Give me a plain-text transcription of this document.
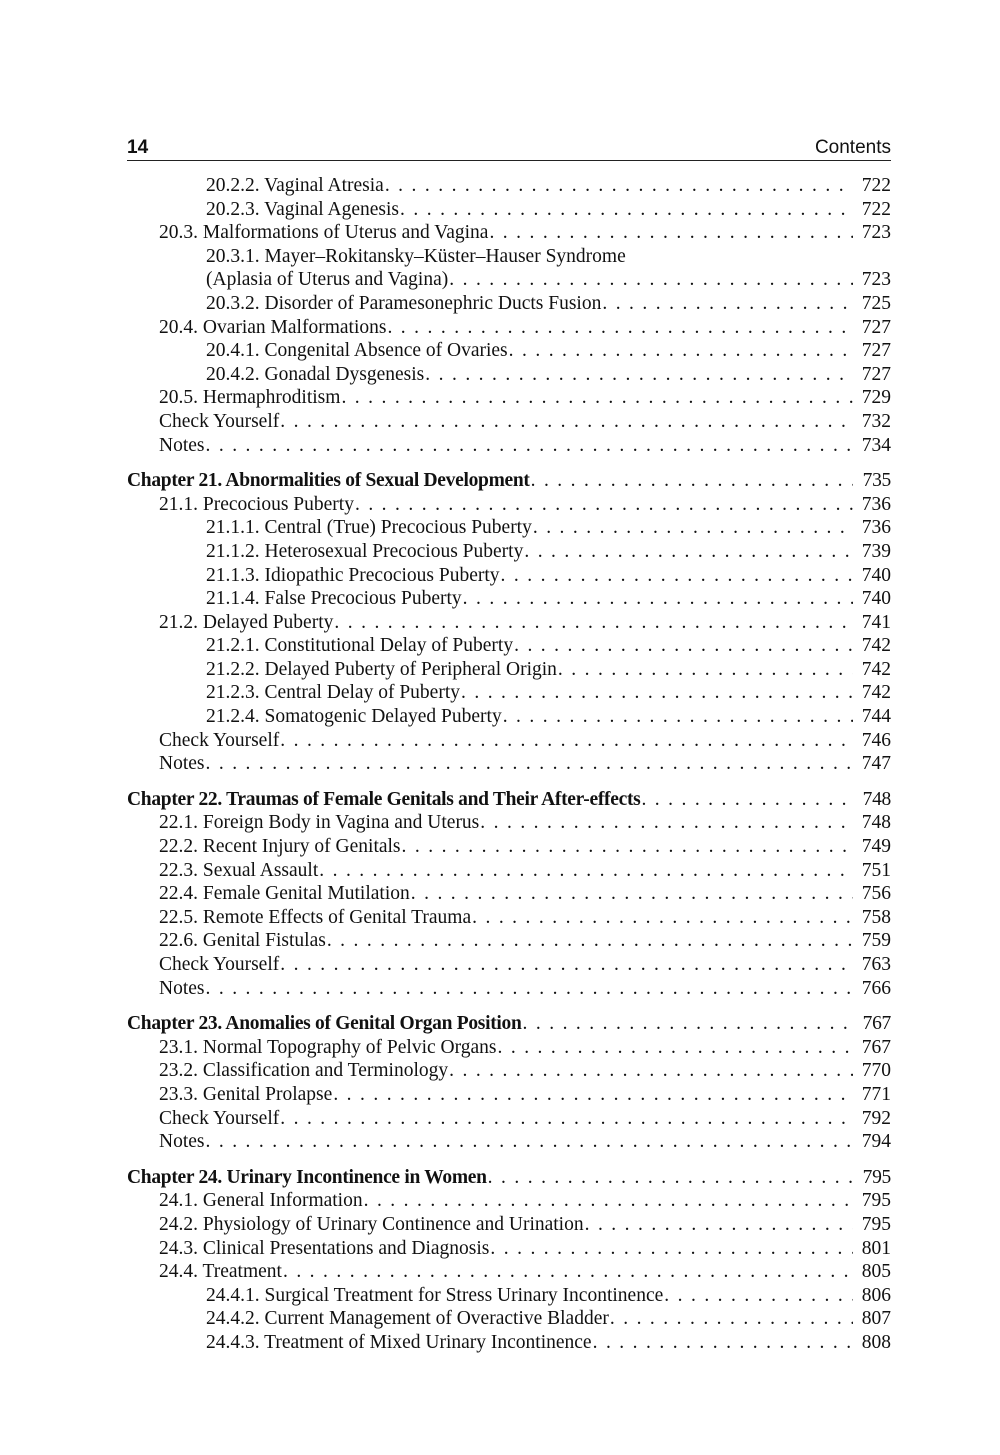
14	Contents
20.2.2. Vaginal Atresia . . .	722
20.2.3. Vaginal Agenesis . . .	722
20.3. Malformations of Uterus and Vagina . . .	723
20.3.1. Mayer–Rokitansky–Küster–Hauser Syndrome
(Aplasia of Uterus and Vagina) . . .	723
20.3.2. Disorder of Paramesonephric Ducts Fusion . . .	725
20.4. Ovarian Malformations . . .	727
20.4.1. Congenital Absence of Ovaries . . .	727
20.4.2. Gonadal Dysgenesis . . .	727
20.5. Hermaphroditism . . .	729
Check Yourself . . .	732
Notes . . .	734
Chapter 21. Abnormalities of Sexual Development . . .	735
21.1. Precocious Puberty . . .	736
21.1.1. Central (True) Precocious Puberty . . .	736
21.1.2. Heterosexual Precocious Puberty . . .	739
21.1.3. Idiopathic Precocious Puberty . . .	740
21.1.4. False Precocious Puberty . . .	740
21.2. Delayed Puberty . . .	741
21.2.1. Constitutional Delay of Puberty . . .	742
21.2.2. Delayed Puberty of Peripheral Origin . . .	742
21.2.3. Central Delay of Puberty . . .	742
21.2.4. Somatogenic Delayed Puberty . . .	744
Check Yourself . . .	746
Notes . . .	747
Chapter 22. Traumas of Female Genitals and Their After-effects . . .	748
22.1. Foreign Body in Vagina and Uterus . . .	748
22.2. Recent Injury of Genitals . . .	749
22.3. Sexual Assault . . .	751
22.4. Female Genital Mutilation . . .	756
22.5. Remote Effects of Genital Trauma . . .	758
22.6. Genital Fistulas . . .	759
Check Yourself . . .	763
Notes . . .	766
Chapter 23. Anomalies of Genital Organ Position . . .	767
23.1. Normal Topography of Pelvic Organs . . .	767
23.2. Classification and Terminology . . .	770
23.3. Genital Prolapse . . .	771
Check Yourself . . .	792
Notes . . .	794
Chapter 24. Urinary Incontinence in Women . . .	795
24.1. General Information . . .	795
24.2. Physiology of Urinary Continence and Urination . . .	795
24.3. Clinical Presentations and Diagnosis . . .	801
24.4. Treatment . . .	805
24.4.1. Surgical Treatment for Stress Urinary Incontinence . . .	806
24.4.2. Current Management of Overactive Bladder . . .	807
24.4.3. Treatment of Mixed Urinary Incontinence . . .	808
